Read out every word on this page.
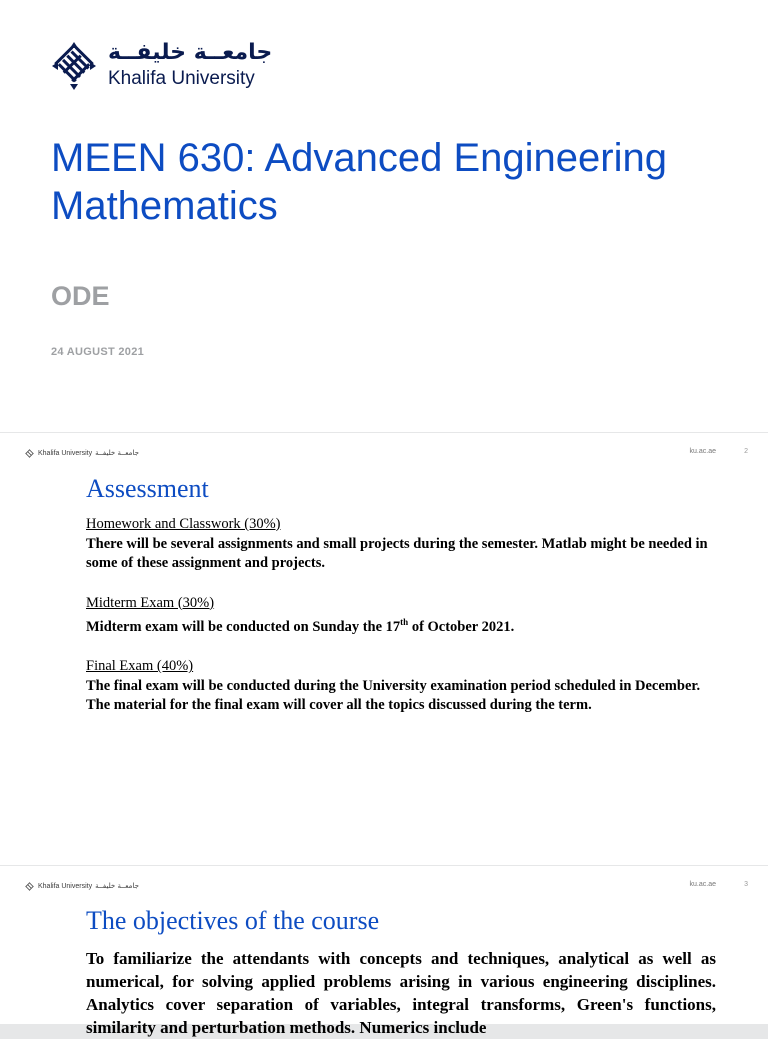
جامعــة خليفــة
Khalifa University
MEEN 630: Advanced Engineering Mathematics
ODE
24 AUGUST 2021
Khalifa University جامعــة خليفــة	ku.ac.ae	2
Assessment

Homework and Classwork (30%)

There will be several assignments and small projects during the semester. Matlab might be needed in some of these assignment and projects.

Midterm Exam (30%)

Midterm exam will be conducted on Sunday the 17th of October 2021.

Final Exam (40%)

The final exam will be conducted during the University examination period scheduled in December. The material for the final exam will cover all the topics discussed during the term.

Khalifa University جامعــة خليفــة	ku.ac.ae	3
The objectives of the course

To familiarize the attendants with concepts and techniques, analytical as well as numerical, for solving applied problems arising in various engineering disciplines. Analytics cover separation of variables, integral transforms, Green's functions, similarity and perturbation methods. Numerics include
